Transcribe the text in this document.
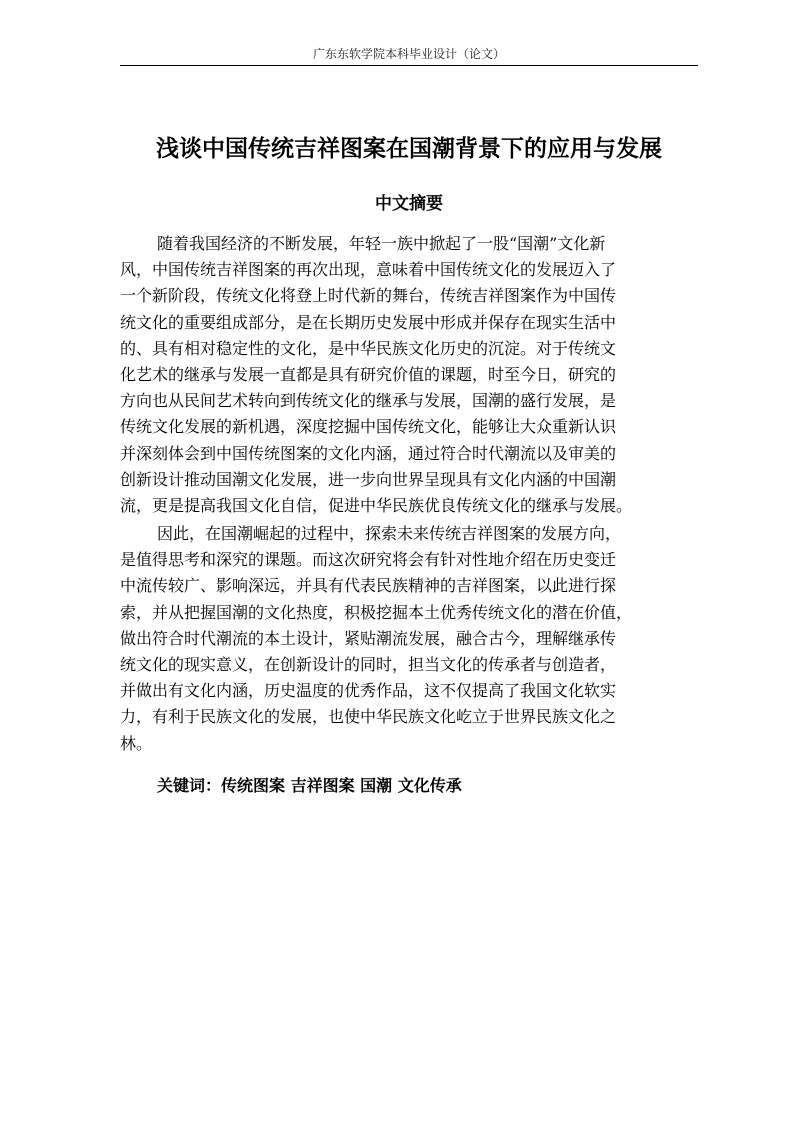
广东东软学院本科毕业设计（论文）
浅谈中国传统吉祥图案在国潮背景下的应用与发展
中文摘要
随着我国经济的不断发展，年轻一族中掀起了一股“国潮”文化新
风，中国传统吉祥图案的再次出现，意味着中国传统文化的发展迈入了
一个新阶段，传统文化将登上时代新的舞台，传统吉祥图案作为中国传
统文化的重要组成部分，是在长期历史发展中形成并保存在现实生活中
的、具有相对稳定性的文化，是中华民族文化历史的沉淀。对于传统文
化艺术的继承与发展一直都是具有研究价值的课题，时至今日，研究的
方向也从民间艺术转向到传统文化的继承与发展，国潮的盛行发展，是
传统文化发展的新机遇，深度挖掘中国传统文化，能够让大众重新认识
并深刻体会到中国传统图案的文化内涵，通过符合时代潮流以及审美的
创新设计推动国潮文化发展，进一步向世界呈现具有文化内涵的中国潮
流，更是提高我国文化自信，促进中华民族优良传统文化的继承与发展。
因此，在国潮崛起的过程中，探索未来传统吉祥图案的发展方向，
是值得思考和深究的课题。而这次研究将会有针对性地介绍在历史变迁
中流传较广、影响深远，并具有代表民族精神的吉祥图案，以此进行探
索，并从把握国潮的文化热度，积极挖掘本土优秀传统文化的潜在价值，
做出符合时代潮流的本土设计，紧贴潮流发展，融合古今，理解继承传
统文化的现实意义，在创新设计的同时，担当文化的传承者与创造者，
并做出有文化内涵，历史温度的优秀作品，这不仅提高了我国文化软实
力，有利于民族文化的发展，也使中华民族文化屹立于世界民族文化之
林。
关键词：传统图案 吉祥图案 国潮 文化传承
